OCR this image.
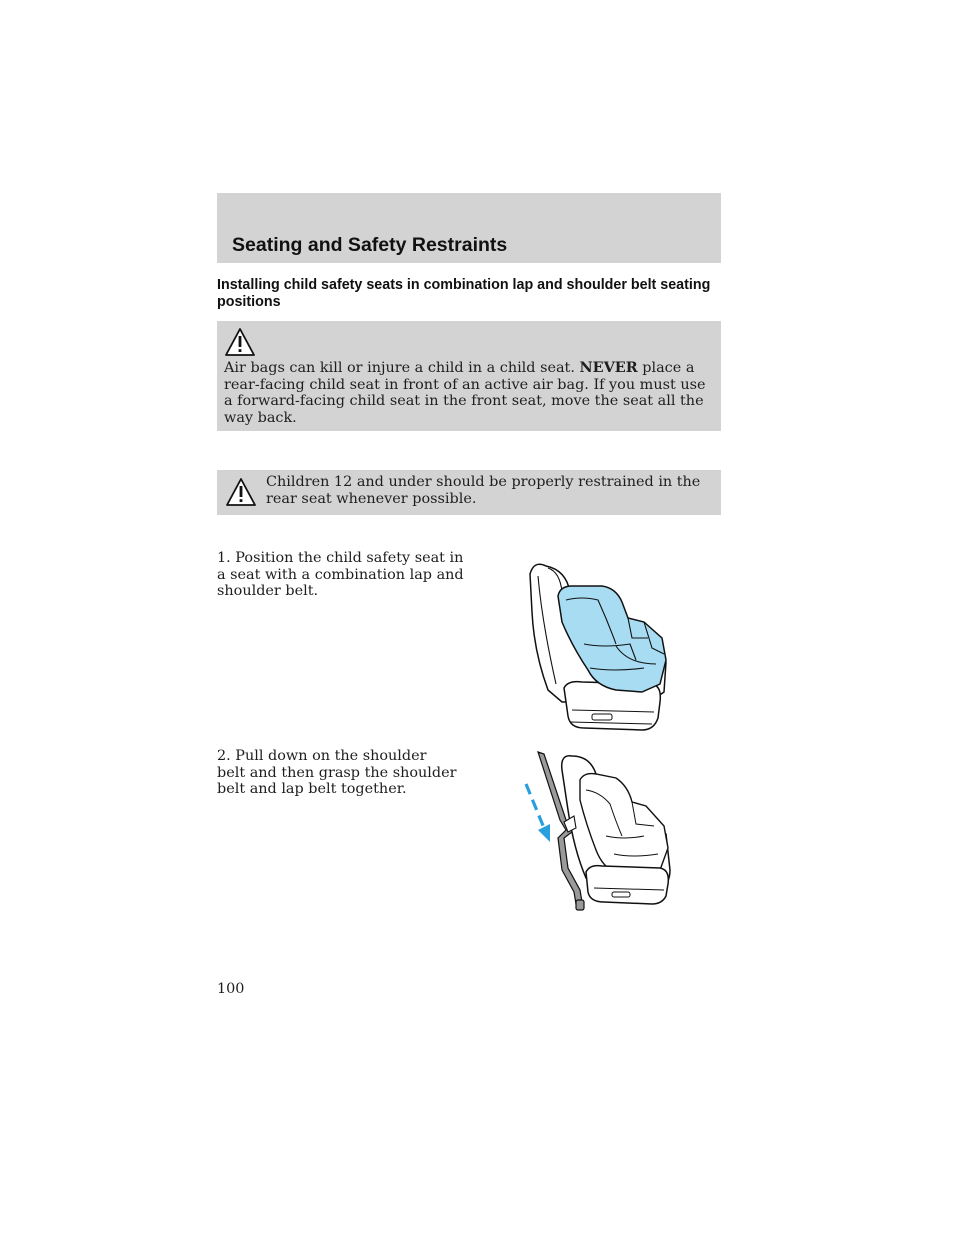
Seating and Safety Restraints
Installing child safety seats in combination lap and shoulder belt seating positions

Air bags can kill or injure a child in a child seat. NEVER place a rear-facing child seat in front of an active air bag. If you must use a forward-facing child seat in the front seat, move the seat all the way back.

Children 12 and under should be properly restrained in the rear seat whenever possible.

1. Position the child safety seat in a seat with a combination lap and shoulder belt.

2. Pull down on the shoulder belt and then grasp the shoulder belt and lap belt together.

100
